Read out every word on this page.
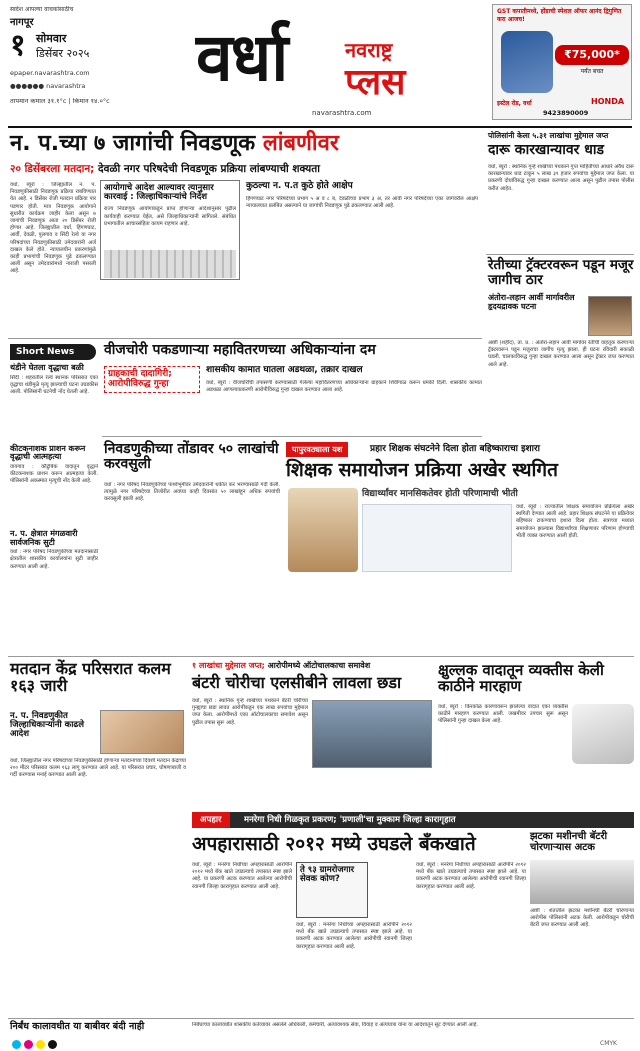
स्वदेश आपल्या वाचकांसाठीच
नागपूर
१ सोमवार
डिसेंबर २०२५
epaper.navarashtra.com
●●●●●● navarashtra
तापमान कमाल ३१.१°c | किमान १४.०°c
वर्धा	नवराष्ट्र
प्लस
navarashtra.com
GST कपातीमध्ये, होंडाची स्पेशल ऑफर आनंद द्विगुणित करा आजच!
₹75,000*
पर्यंत बचत
इस्टेल रोड, वर्धा
9423890009
HONDA
न. प.च्या ७ जागांची निवडणूक लांबणीवर
२० डिसेंबरला मतदान; देवळी नगर परिषदेची निवडणूक प्रक्रिया लांबण्याची शक्यता
वर्धा, ब्यूरो : जिल्ह्यातील न. प. निवडणुकीसाठी निवडणूक प्रक्रिया राबविण्यात येत आहे. २ डिसेंबर रोजी मतदान प्रक्रिया पार पडणार होती. मात्र निवडणूक आयोगाने सुधारीत कार्यक्रम जाहीर केला असून ७ जागांची निवडणूक आता २० डिसेंबर रोजी होणार आहे. जिल्ह्यातील वर्धा, हिंगणघाट, आर्वी, देवळी, पुलगाव व सिंदी रेल्वे या नगर परिषदांच्या निवडणुकीसाठी उमेदवारांनी अर्ज दाखल केले होते. न्यायालयीन प्रकरणांमुळे काही प्रभागांची निवडणूक पुढे ढकलण्यात आली असून उमेदवारांमध्ये नाराजी पसरली आहे.
आयोगाचे आदेश आल्यावर त्यानुसार कारवाई : जिल्हाधिकाऱ्यांचे निर्देश
राज्य निवडणूक आयोगाकडून प्राप्त होणाऱ्या आदेशानुसार पुढील कार्यवाही करण्यात येईल, असे जिल्हाधिकाऱ्यांनी सांगितले. संबंधित प्रभागातील आचारसंहिता कायम राहणार आहे.
कुठल्या न. प.त कुठे होते आक्षेप
हिंगणघाट नगर परिषदेच्या प्रभाग ५ अ व ८ ब, देवळीच्या प्रभाग ३ अ, तर आर्वी नगर परिषदेच्या एका जागेवरील आक्षेप न्यायालयात प्रलंबित असल्याने या जागांची निवडणूक पुढे ढकलण्यात आली आहे.
पोलिसांनी केला ५.३१ लाखांचा मुद्देमाल जप्त
दारू कारखान्यावर धाड
वर्धा, ब्यूरो : स्थानिक गुन्हे शाखेच्या पथकाने गुप्त माहितीच्या आधारे अवैध दारू कारखान्यावर धाड टाकून ५ लाख ३१ हजार रुपयांचा मुद्देमाल जप्त केला. या प्रकरणी दोघांविरुद्ध गुन्हा दाखल करण्यात आला असून पुढील तपास पोलीस करीत आहेत.
रेतीच्या ट्रॅक्टरवरून पडून मजूर जागीच ठार
अंतोरा-लहान आर्वी मार्गावरील हृदयद्रावक घटना
आष्टी (शहीद), ता. प्र. : अंतोरा-लहान आर्वी मार्गावर रेतीची वाहतूक करणाऱ्या ट्रॅक्टरवरून पडून मजुराचा जागीच मृत्यू झाला. ही घटना रविवारी सकाळी घडली. चालकाविरुद्ध गुन्हा दाखल करण्यात आला असून ट्रॅक्टर जप्त करण्यात आले आहे.
Short News
थंडीने घेतला वृद्धाचा बळी
सिंदी : शहरातील रेल्वे स्थानक परिसरात एका वृद्धाचा थंडीमुळे मृत्यू झाल्याची घटना उघडकीस आली. पोलिसांनी घटनेची नोंद घेतली आहे.
कीटकनाशक प्राशन करून वृद्धाची आत्महत्या
वायगाव : कौटुंबिक वादातून वृद्धाने कीटकनाशक प्राशन करून आत्महत्या केली. पोलिसांनी अकस्मात मृत्यूची नोंद केली आहे.
न. प. क्षेत्रात मंगळवारी सार्वजनिक सुटी
वर्धा : नगर परिषद निवडणुकीच्या मतदानासाठी क्षेत्रातील शासकीय कार्यालयांना सुटी जाहीर करण्यात आली आहे.
वीजचोरी पकडणाऱ्या महावितरणच्या अधिकाऱ्यांना दम
ग्राहकाची दादागिरी; आरोपीविरुद्ध गुन्हा
शासकीय कामात घातला अडथळा, तक्रार दाखल
वर्धा, ब्यूरो : वीजचोरीची तपासणी करण्यासाठी गेलेल्या महावितरणच्या अधिकाऱ्यांना ग्राहकाने शिवीगाळ करून धमकी दिली. शासकीय कामात अडथळा आणल्याप्रकरणी आरोपीविरुद्ध गुन्हा दाखल करण्यात आला आहे.
निवडणुकीच्या तोंडावर ५० लाखांची करवसुली
वर्धा : नगर परिषद निवडणुकीच्या पार्श्वभूमीवर उमेदवारांनी थकीत कर भरण्यासाठी गर्दी केली. त्यामुळे नगर परिषदेच्या तिजोरीत अवघ्या काही दिवसांत ५० लाखांहून अधिक रुपयांची करवसुली झाली आहे.
पापुरवठ्याला यश	प्रहार शिक्षक संघटनेने दिला होता बहिष्काराचा इशारा
शिक्षक समायोजन प्रक्रिया अखेर स्थगित
विद्यार्थ्यांवर मानसिकतेवर होती परिणामाची भीती
वर्धा, ब्यूरो : राज्यातील शिक्षक समायोजन प्रक्रियेला अखेर स्थगिती देण्यात आली आहे. प्रहार शिक्षक संघटनेने या प्रक्रियेवर बहिष्कार टाकण्याचा इशारा दिला होता. सत्राच्या मध्यात समायोजन झाल्यास विद्यार्थ्यांच्या शिक्षणावर परिणाम होण्याची भीती व्यक्त करण्यात आली होती.
मतदान केंद्र परिसरात कलम १६३ जारी
न. प. निवडणुकीत जिल्हाधिकाऱ्यांनी काढले आदेश
वर्धा, जिल्ह्यातील नगर परिषदांच्या निवडणुकीसाठी होणाऱ्या मतदानाच्या दिवशी मतदान केंद्राच्या २०० मीटर परिसरात कलम १६३ लागू करण्यात आले आहे. या परिसरात प्रचार, घोषणाबाजी व गर्दी करण्यास मनाई करण्यात आली आहे.
१ लाखांचा मुद्देमाल जप्त; आरोपीमध्ये ऑटोचालकाचा समावेश
बंटरी चोरीचा एलसीबीने लावला छडा
वर्धा, ब्यूरो : स्थानिक गुन्हे शाखेच्या पथकाने बॅटरी चोरीच्या गुन्ह्याचा छडा लावत आरोपींकडून एक लाख रुपयांचा मुद्देमाल जप्त केला. आरोपींमध्ये एका ऑटोचालकाचा समावेश असून पुढील तपास सुरू आहे.
क्षुल्लक वादातून व्यक्तीस केली काठीने मारहाण
वर्धा, ब्यूरो : किरकोळ कारणावरून झालेल्या वादात एका व्यक्तीस काठीने मारहाण करण्यात आली. जखमीवर उपचार सुरू असून पोलिसांनी गुन्हा दाखल केला आहे.
अपहार	मनरेगा निधी गिळकृत प्रकरण; 'प्रणाली'चा मुक्काम जिल्हा कारागृहात
झटका मशीनची बॅटरी चोरणाऱ्यास अटक
आष्टी : शेतातील झटका मशीनची बॅटरी चोरणाऱ्या आरोपीस पोलिसांनी अटक केली. आरोपीकडून चोरीची बॅटरी जप्त करण्यात आली आहे.
अपहारासाठी २०१२ मध्ये उघडले बँकखाते
वर्धा, ब्यूरो : मनरेगा निधीच्या अपहारासाठी आरोपीने २०१२ मध्ये बँक खाते उघडल्याचे तपासात स्पष्ट झाले आहे. या प्रकरणी अटक करण्यात आलेल्या आरोपीची रवानगी जिल्हा कारागृहात करण्यात आली आहे.
ते ९३ ग्रामरोजगार सेवक कोण?
वर्धा, ब्यूरो : मनरेगा निधीच्या अपहारासाठी आरोपीने २०१२ मध्ये बँक खाते उघडल्याचे तपासात स्पष्ट झाले आहे. या प्रकरणी अटक करण्यात आलेल्या आरोपीची रवानगी जिल्हा कारागृहात करण्यात आली आहे.
वर्धा, ब्यूरो : मनरेगा निधीच्या अपहारासाठी आरोपीने २०१२ मध्ये बँक खाते उघडल्याचे तपासात स्पष्ट झाले आहे. या प्रकरणी अटक करण्यात आलेल्या आरोपीची रवानगी जिल्हा कारागृहात करण्यात आली आहे.
निर्बंध कालावधीत या बाबीवर बंदी नाही	निर्बंधाच्या कालावधीत शासकीय कर्तव्यावर असलेले अधिकारी, कर्मचारी, अत्यावश्यक सेवा, विवाह व अंत्ययात्रा यांना या आदेशातून सूट देण्यात आली आहे.
CMYK
